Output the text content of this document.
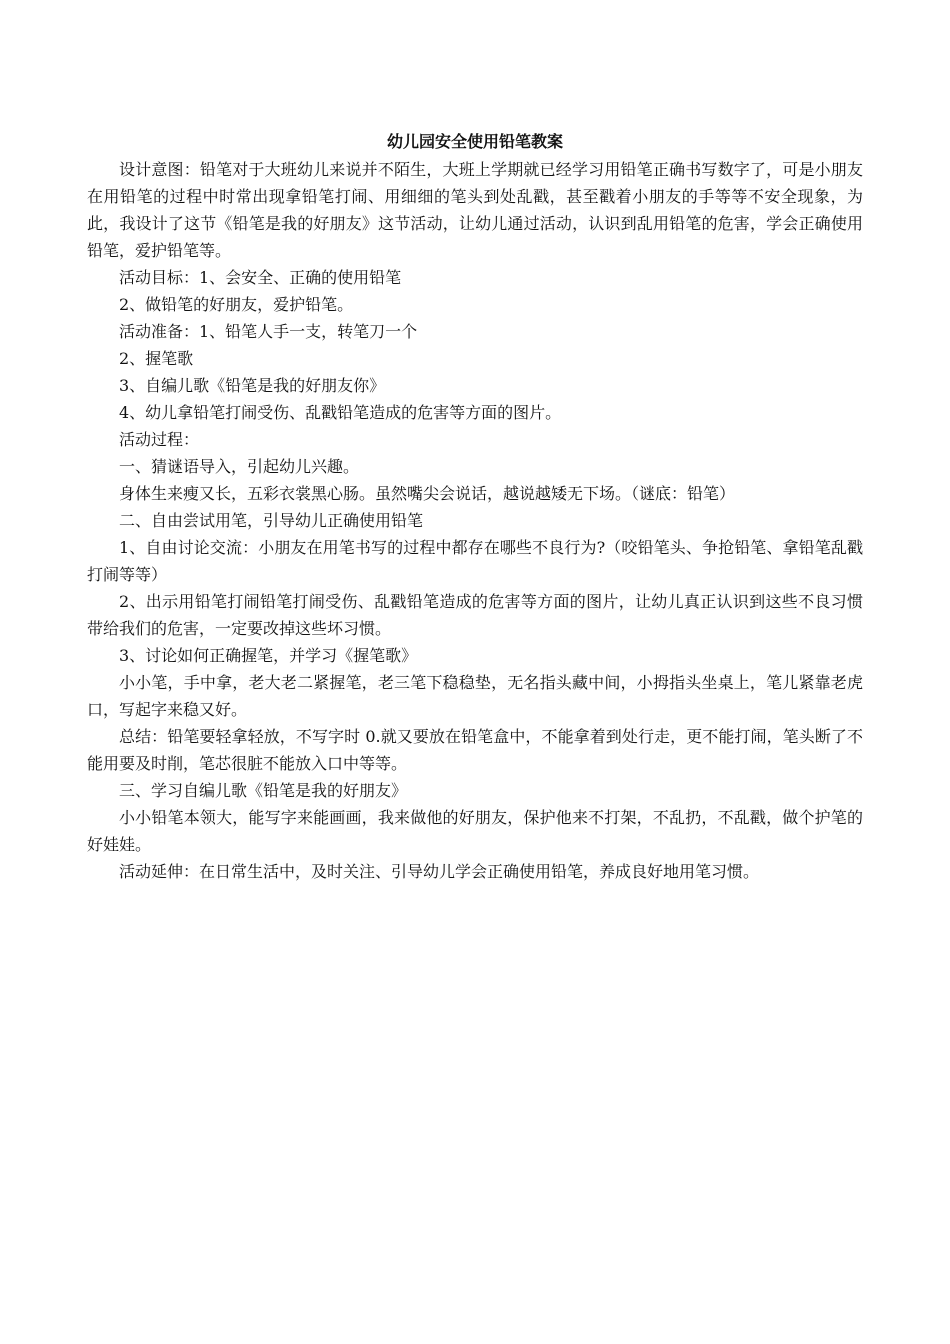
幼儿园安全使用铅笔教案

设计意图：铅笔对于大班幼儿来说并不陌生，大班上学期就已经学习用铅笔正确书写数字了，可是小朋友在用铅笔的过程中时常出现拿铅笔打闹、用细细的笔头到处乱戳，甚至戳着小朋友的手等等不安全现象，为此，我设计了这节《铅笔是我的好朋友》这节活动，让幼儿通过活动，认识到乱用铅笔的危害，学会正确使用铅笔，爱护铅笔等。

活动目标：1、会安全、正确的使用铅笔

2、做铅笔的好朋友，爱护铅笔。

活动准备：1、铅笔人手一支，转笔刀一个

2、握笔歌

3、自编儿歌《铅笔是我的好朋友你》

4、幼儿拿铅笔打闹受伤、乱戳铅笔造成的危害等方面的图片。

活动过程：

一、猜谜语导入，引起幼儿兴趣。

身体生来瘦又长，五彩衣裳黑心肠。虽然嘴尖会说话，越说越矮无下场。（谜底：铅笔）

二、自由尝试用笔，引导幼儿正确使用铅笔

1、自由讨论交流：小朋友在用笔书写的过程中都存在哪些不良行为?（咬铅笔头、争抢铅笔、拿铅笔乱戳打闹等等）

2、出示用铅笔打闹铅笔打闹受伤、乱戳铅笔造成的危害等方面的图片，让幼儿真正认识到这些不良习惯带给我们的危害，一定要改掉这些坏习惯。

3、讨论如何正确握笔，并学习《握笔歌》

小小笔，手中拿，老大老二紧握笔，老三笔下稳稳垫，无名指头藏中间，小拇指头坐桌上，笔儿紧靠老虎口，写起字来稳又好。

总结：铅笔要轻拿轻放，不写字时 0.就又要放在铅笔盒中，不能拿着到处行走，更不能打闹，笔头断了不能用要及时削，笔芯很脏不能放入口中等等。

三、学习自编儿歌《铅笔是我的好朋友》

小小铅笔本领大，能写字来能画画，我来做他的好朋友，保护他来不打架，不乱扔，不乱戳，做个护笔的好娃娃。

活动延伸：在日常生活中，及时关注、引导幼儿学会正确使用铅笔，养成良好地用笔习惯。
